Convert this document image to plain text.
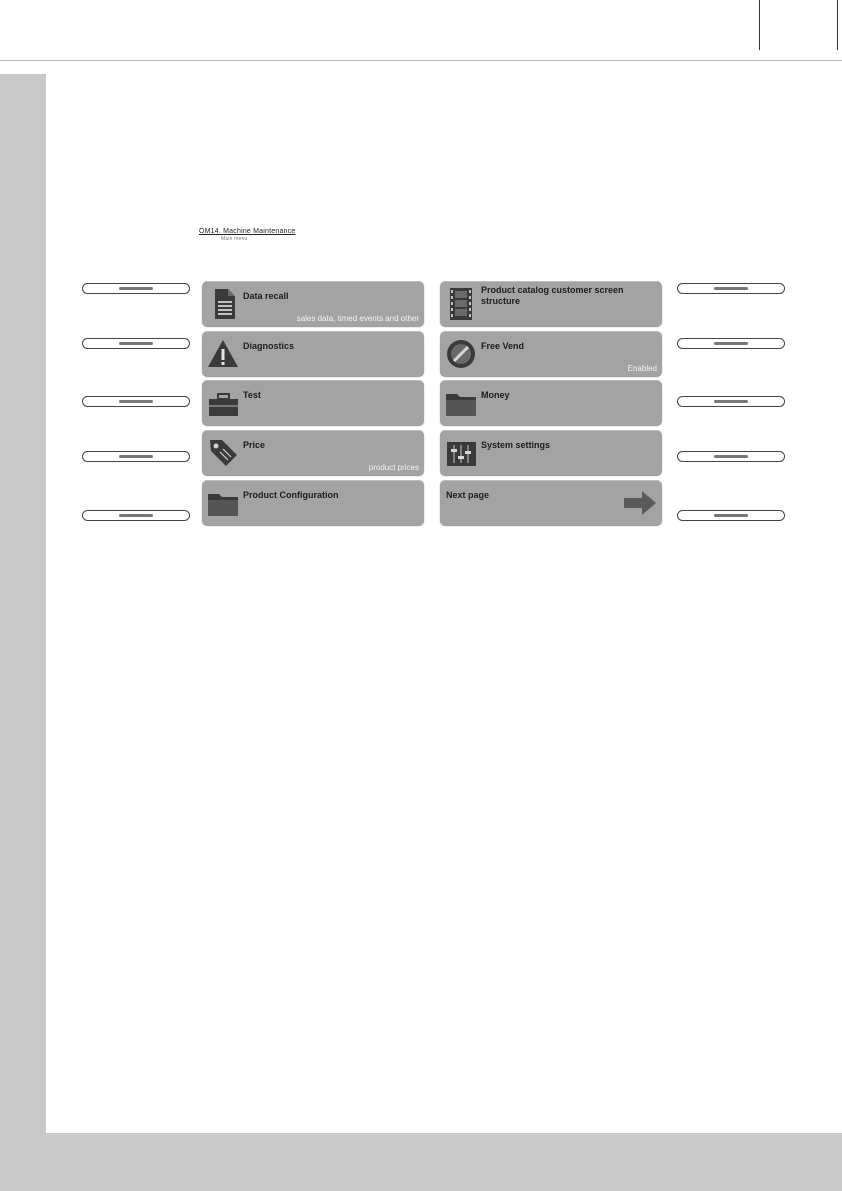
OM14. Machine Maintenance
Main menu
Data recall
sales data, timed events and other
Diagnostics
Test
Price
product prices
Product Configuration
Product catalog customer screen structure
Free Vend
Enabled
Money
System settings
Next page
